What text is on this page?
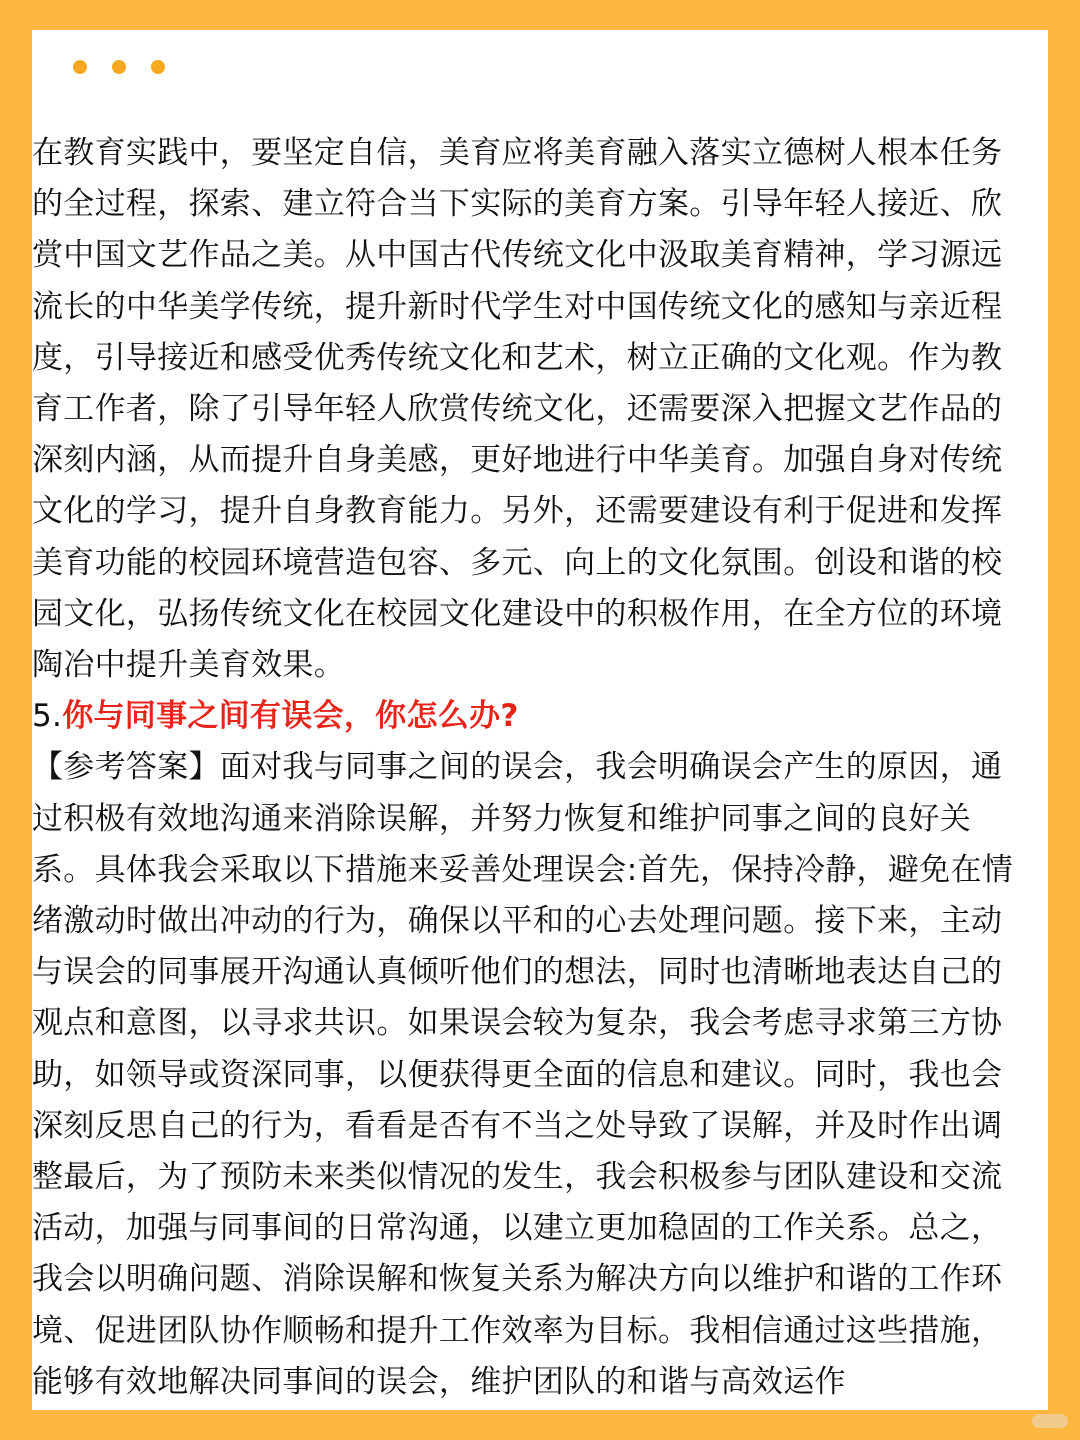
在教育实践中，要坚定自信，美育应将美育融入落实立德树人根本任务的全过程，探索、建立符合当下实际的美育方案。引导年轻人接近、欣赏中国文艺作品之美。从中国古代传统文化中汲取美育精神，学习源远流长的中华美学传统，提升新时代学生对中国传统文化的感知与亲近程度，引导接近和感受优秀传统文化和艺术，树立正确的文化观。作为教育工作者，除了引导年轻人欣赏传统文化，还需要深入把握文艺作品的深刻内涵，从而提升自身美感，更好地进行中华美育。加强自身对传统文化的学习，提升自身教育能力。另外，还需要建设有利于促进和发挥美育功能的校园环境营造包容、多元、向上的文化氛围。创设和谐的校园文化，弘扬传统文化在校园文化建设中的积极作用，在全方位的环境陶冶中提升美育效果。

5.你与同事之间有误会，你怎么办?

【参考答案】面对我与同事之间的误会，我会明确误会产生的原因，通过积极有效地沟通来消除误解，并努力恢复和维护同事之间的良好关系。具体我会采取以下措施来妥善处理误会:首先，保持冷静，避免在情绪激动时做出冲动的行为，确保以平和的心去处理问题。接下来，主动与误会的同事展开沟通认真倾听他们的想法，同时也清晰地表达自己的观点和意图，以寻求共识。如果误会较为复杂，我会考虑寻求第三方协助，如领导或资深同事，以便获得更全面的信息和建议。同时，我也会深刻反思自己的行为，看看是否有不当之处导致了误解，并及时作出调整最后，为了预防未来类似情况的发生，我会积极参与团队建设和交流活动，加强与同事间的日常沟通，以建立更加稳固的工作关系。总之，我会以明确问题、消除误解和恢复关系为解决方向以维护和谐的工作环境、促进团队协作顺畅和提升工作效率为目标。我相信通过这些措施，能够有效地解决同事间的误会，维护团队的和谐与高效运作
